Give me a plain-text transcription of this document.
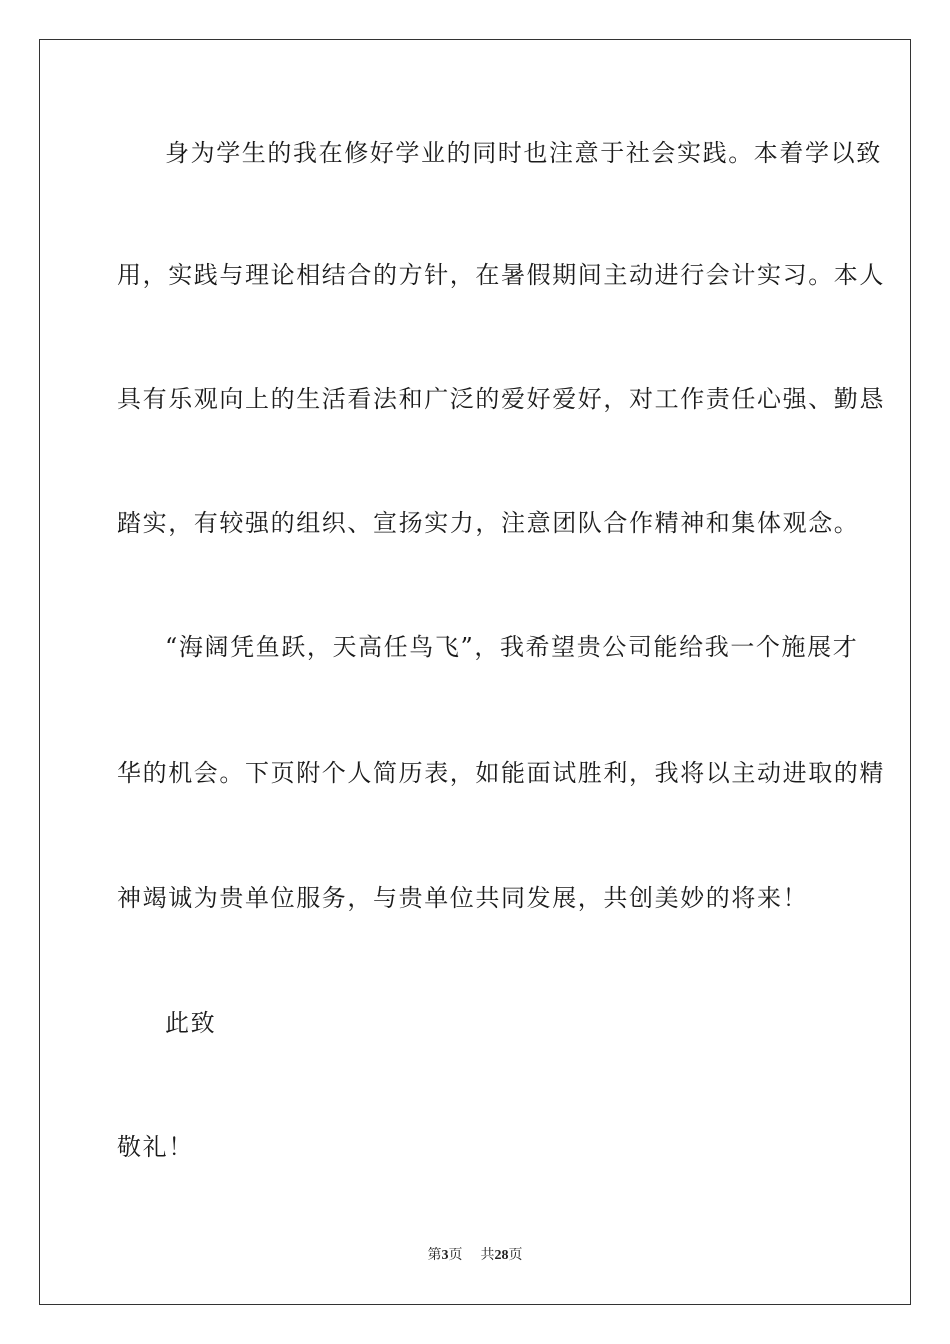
身为学生的我在修好学业的同时也注意于社会实践。本着学以致
用，实践与理论相结合的方针，在暑假期间主动进行会计实习。本人
具有乐观向上的生活看法和广泛的爱好爱好，对工作责任心强、勤恳
踏实，有较强的组织、宣扬实力，注意团队合作精神和集体观念。
“海阔凭鱼跃，天高任鸟飞”，我希望贵公司能给我一个施展才
华的机会。下页附个人简历表，如能面试胜利，我将以主动进取的精
神竭诚为贵单位服务，与贵单位共同发展，共创美妙的将来！
此致
敬礼！
第3页 共28页
